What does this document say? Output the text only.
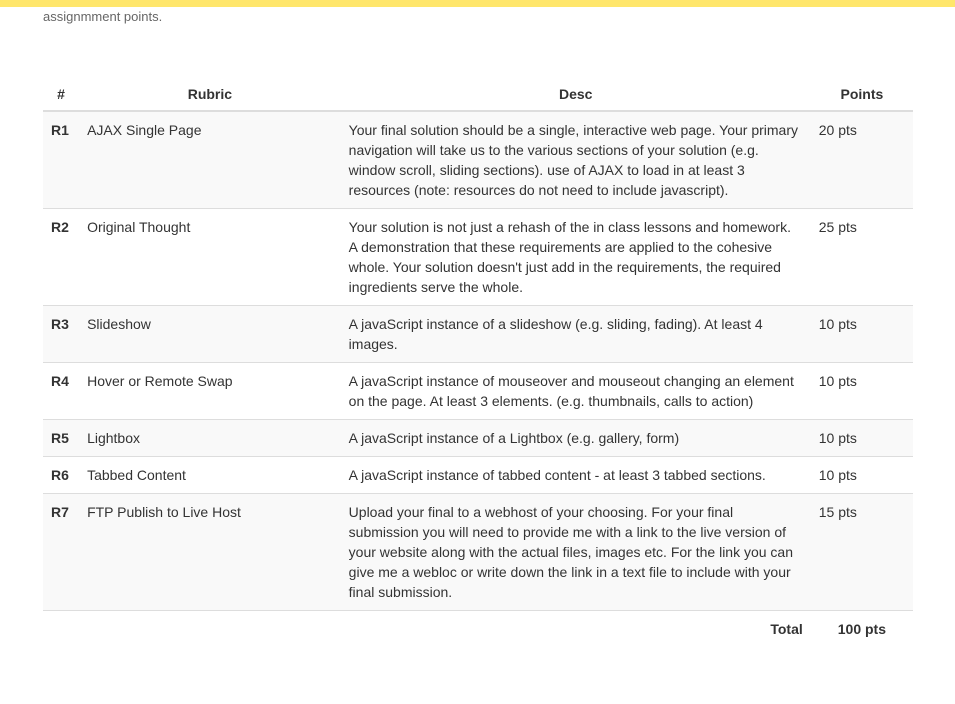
assignmment points.
#	Rubric	Desc	Points
R1	AJAX Single Page	Your final solution should be a single, interactive web page. Your primary navigation will take us to the various sections of your solution (e.g. window scroll, sliding sections). use of AJAX to load in at least 3 resources (note: resources do not need to include javascript).	20 pts
R2	Original Thought	Your solution is not just a rehash of the in class lessons and homework. A demonstration that these requirements are applied to the cohesive whole. Your solution doesn't just add in the requirements, the required ingredients serve the whole.	25 pts
R3	Slideshow	A javaScript instance of a slideshow (e.g. sliding, fading). At least 4 images.	10 pts
R4	Hover or Remote Swap	A javaScript instance of mouseover and mouseout changing an element on the page. At least 3 elements. (e.g. thumbnails, calls to action)	10 pts
R5	Lightbox	A javaScript instance of a Lightbox (e.g. gallery, form)	10 pts
R6	Tabbed Content	A javaScript instance of tabbed content - at least 3 tabbed sections.	10 pts
R7	FTP Publish to Live Host	Upload your final to a webhost of your choosing. For your final submission you will need to provide me with a link to the live version of your website along with the actual files, images etc. For the link you can give me a webloc or write down the link in a text file to include with your final submission.	15 pts
		Total	100 pts
